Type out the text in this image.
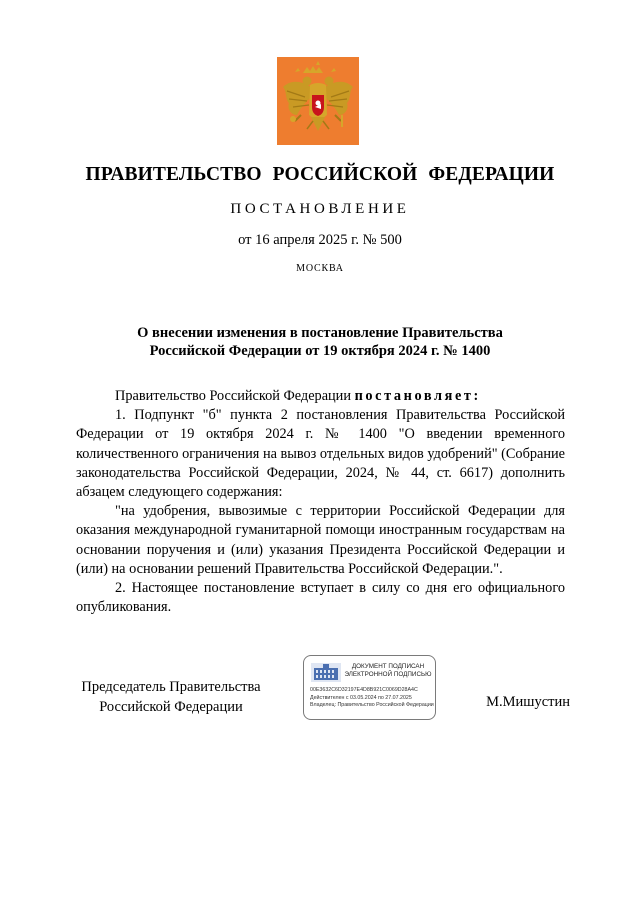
ПРАВИТЕЛЬСТВО РОССИЙСКОЙ ФЕДЕРАЦИИ
ПОСТАНОВЛЕНИЕ
от 16 апреля 2025 г. № 500
МОСКВА
О внесении изменения в постановление Правительства
Российской Федерации от 19 октября 2024 г. № 1400

Правительство Российской Федерации постановляет:

1. Подпункт "б" пункта 2 постановления Правительства Российской Федерации от 19 октября 2024 г. № 1400 "О введении временного количественного ограничения на вывоз отдельных видов удобрений" (Собрание законодательства Российской Федерации, 2024, № 44, ст. 6617) дополнить абзацем следующего содержания:

"на удобрения, вывозимые с территории Российской Федерации для оказания международной гуманитарной помощи иностранным государствам на основании поручения и (или) указания Президента Российской Федерации и (или) на основании решений Правительства Российской Федерации.".

2. Настоящее постановление вступает в силу со дня его официального опубликования.

Председатель Правительства
Российской Федерации
ДОКУМЕНТ ПОДПИСАН
ЭЛЕКТРОННОЙ ПОДПИСЬЮ
00E3632C6D32197E4D8B921C0069D28A4C
Действителен с 03.05.2024 по 27.07.2025
Владелец: Правительство Российской Федерации	М.Мишустин
